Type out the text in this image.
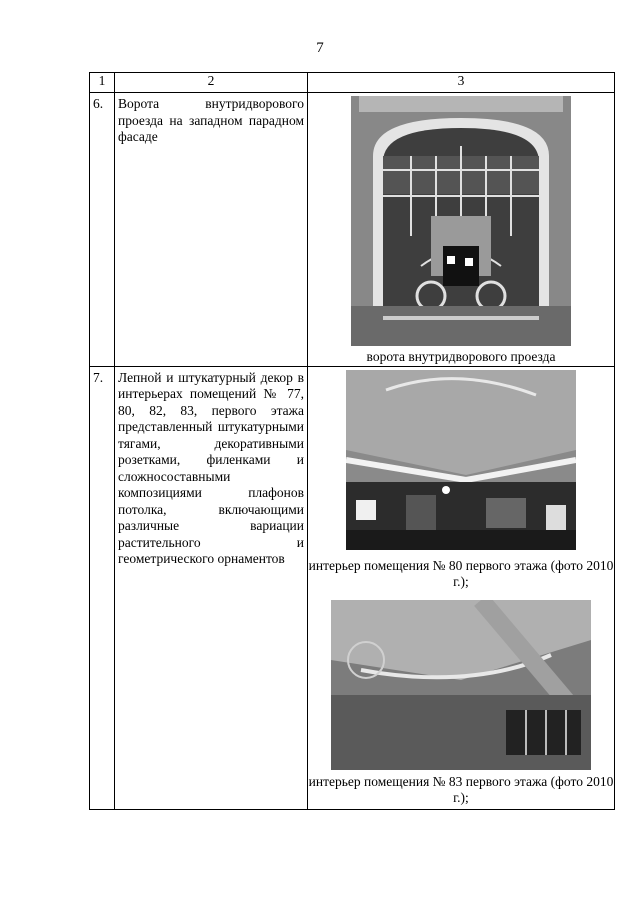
7
1	2	3
6.	Ворота внутридворового проезда на западном парадном фасаде	ворота внутридворового проезда

7.	Лепной и штукатурный декор в интерьерах помещений № 77, 80, 82, 83, первого этажа представленный штукатурными тягами, декоративными розетками, филенками и сложносоставными композициями плафонов потолка, включающими различные вариации растительного и геометрического орнаментов	интерьер помещения № 80 первого этажа (фото 2010 г.);
интерьер помещения № 83 первого этажа (фото 2010 г.);
